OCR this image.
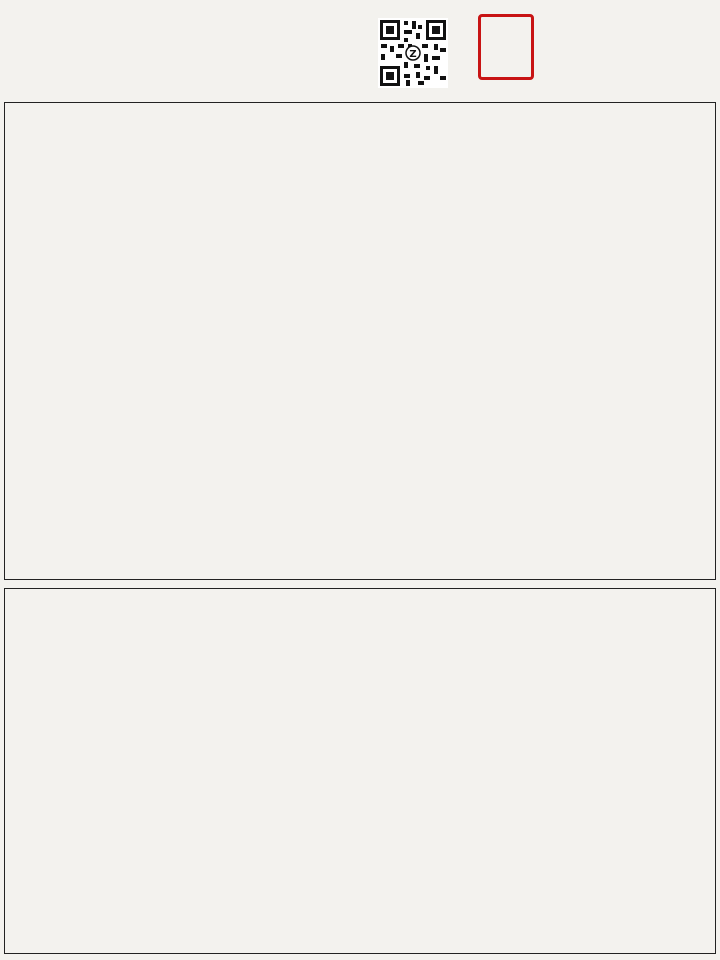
Z
